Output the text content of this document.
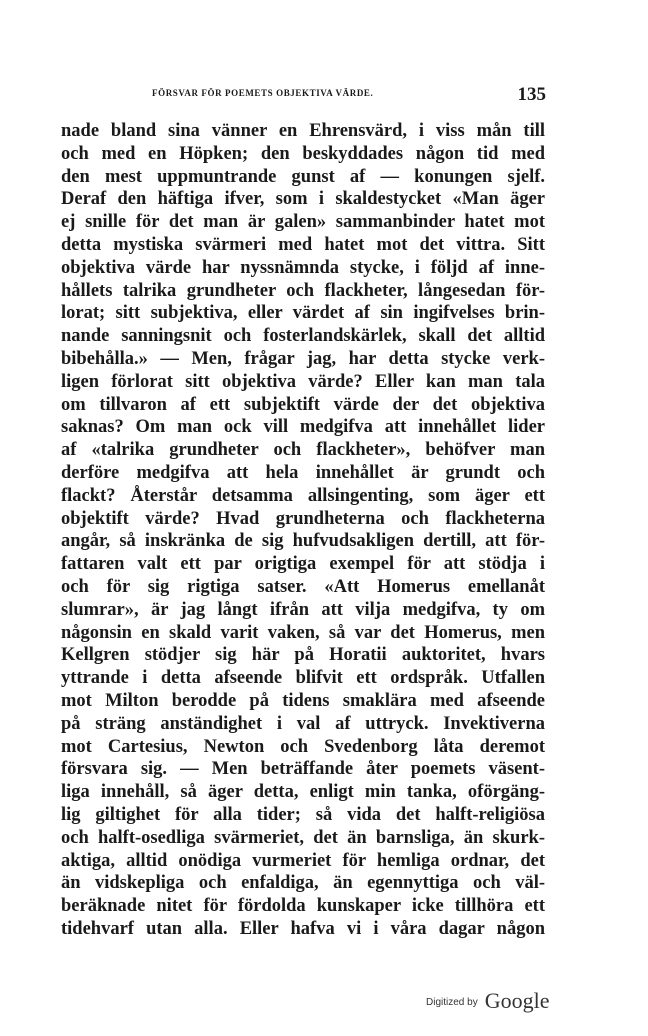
FÖRSVAR FÖR POEMETS OBJEKTIVA VÄRDE.	135
nade bland sina vänner en Ehrensvärd, i viss mån till
och med en Höpken; den beskyddades någon tid med
den mest uppmuntrande gunst af — konungen sjelf.
Deraf den häftiga ifver, som i skaldestycket «Man äger
ej snille för det man är galen» sammanbinder hatet mot
detta mystiska svärmeri med hatet mot det vittra. Sitt
objektiva värde har nyssnämnda stycke, i följd af inne-
hållets talrika grundheter och flackheter, långesedan för-
lorat; sitt subjektiva, eller värdet af sin ingifvelses brin-
nande sanningsnit och fosterlandskärlek, skall det alltid
bibehålla.» — Men, frågar jag, har detta stycke verk-
ligen förlorat sitt objektiva värde? Eller kan man tala
om tillvaron af ett subjektift värde der det objektiva
saknas? Om man ock vill medgifva att innehållet lider
af «talrika grundheter och flackheter», behöfver man
derföre medgifva att hela innehållet är grundt och
flackt? Återstår detsamma allsingenting, som äger ett
objektift värde? Hvad grundheterna och flackheterna
angår, så inskränka de sig hufvudsakligen dertill, att för-
fattaren valt ett par origtiga exempel för att stödja i
och för sig rigtiga satser. «Att Homerus emellanåt
slumrar», är jag långt ifrån att vilja medgifva, ty om
någonsin en skald varit vaken, så var det Homerus, men
Kellgren stödjer sig här på Horatii auktoritet, hvars
yttrande i detta afseende blifvit ett ordspråk. Utfallen
mot Milton berodde på tidens smaklära med afseende
på sträng anständighet i val af uttryck. Invektiverna
mot Cartesius, Newton och Svedenborg låta deremot
försvara sig. — Men beträffande åter poemets väsent-
liga innehåll, så äger detta, enligt min tanka, oförgäng-
lig giltighet för alla tider; så vida det halft-religiösa
och halft-osedliga svärmeriet, det än barnsliga, än skurk-
aktiga, alltid onödiga vurmeriet för hemliga ordnar, det
än vidskepliga och enfaldiga, än egennyttiga och väl-
beräknade nitet för fördolda kunskaper icke tillhöra ett
tidehvarf utan alla. Eller hafva vi i våra dagar någon
Digitized by Google
